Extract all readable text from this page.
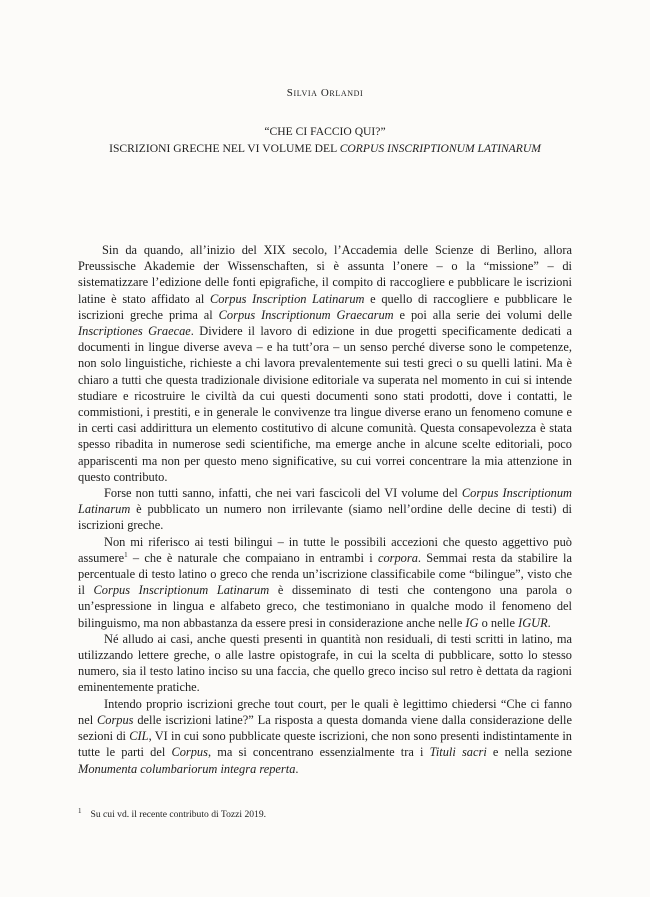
Silvia Orlandi
“CHE CI FACCIO QUI?”
ISCRIZIONI GRECHE NEL VI VOLUME DEL CORPUS INSCRIPTIONUM LATINARUM

Sin da quando, all’inizio del XIX secolo, l’Accademia delle Scienze di Berlino, allora Preussische Akademie der Wissenschaften, si è assunta l’onere – o la “missione” – di sistematizzare l’edizione delle fonti epigrafiche, il compito di raccogliere e pubblicare le iscrizioni latine è stato affidato al Corpus Inscription Latinarum e quello di raccogliere e pubblicare le iscrizioni greche prima al Corpus Inscriptionum Graecarum e poi alla serie dei volumi delle Inscriptiones Graecae. Dividere il lavoro di edizione in due progetti specificamente dedicati a documenti in lingue diverse aveva – e ha tutt’ora – un senso perché diverse sono le competenze, non solo linguistiche, richieste a chi lavora prevalentemente sui testi greci o su quelli latini. Ma è chiaro a tutti che questa tradizionale divisione editoriale va superata nel momento in cui si intende studiare e ricostruire le civiltà da cui questi documenti sono stati prodotti, dove i contatti, le commistioni, i prestiti, e in generale le convivenze tra lingue diverse erano un fenomeno comune e in certi casi addirittura un elemento costitutivo di alcune comunità. Questa consapevolezza è stata spesso ribadita in numerose sedi scientifiche, ma emerge anche in alcune scelte editoriali, poco appariscenti ma non per questo meno significative, su cui vorrei concentrare la mia attenzione in questo contributo.

Forse non tutti sanno, infatti, che nei vari fascicoli del VI volume del Corpus Inscriptionum Latinarum è pubblicato un numero non irrilevante (siamo nell’ordine delle decine di testi) di iscrizioni greche.

Non mi riferisco ai testi bilingui – in tutte le possibili accezioni che questo aggettivo può assumere$^1$ – che è naturale che compaiano in entrambi i corpora. Semmai resta da stabilire la percentuale di testo latino o greco che renda un’iscrizione classificabile come “bilingue”, visto che il Corpus Inscriptionum Latinarum è disseminato di testi che contengono una parola o un’espressione in lingua e alfabeto greco, che testimoniano in qualche modo il fenomeno del bilinguismo, ma non abbastanza da essere presi in considerazione anche nelle IG o nelle IGUR.

Né alludo ai casi, anche questi presenti in quantità non residuali, di testi scritti in latino, ma utilizzando lettere greche, o alle lastre opistografe, in cui la scelta di pubblicare, sotto lo stesso numero, sia il testo latino inciso su una faccia, che quello greco inciso sul retro è dettata da ragioni eminentemente pratiche.

Intendo proprio iscrizioni greche tout court, per le quali è legittimo chiedersi “Che ci fanno nel Corpus delle iscrizioni latine?” La risposta a questa domanda viene dalla considerazione delle sezioni di CIL, VI in cui sono pubblicate queste iscrizioni, che non sono presenti indistintamente in tutte le parti del Corpus, ma si concentrano essenzialmente tra i Tituli sacri e nella sezione Monumenta columbariorum integra reperta.

$^1$ Su cui vd. il recente contributo di Tozzi 2019.
